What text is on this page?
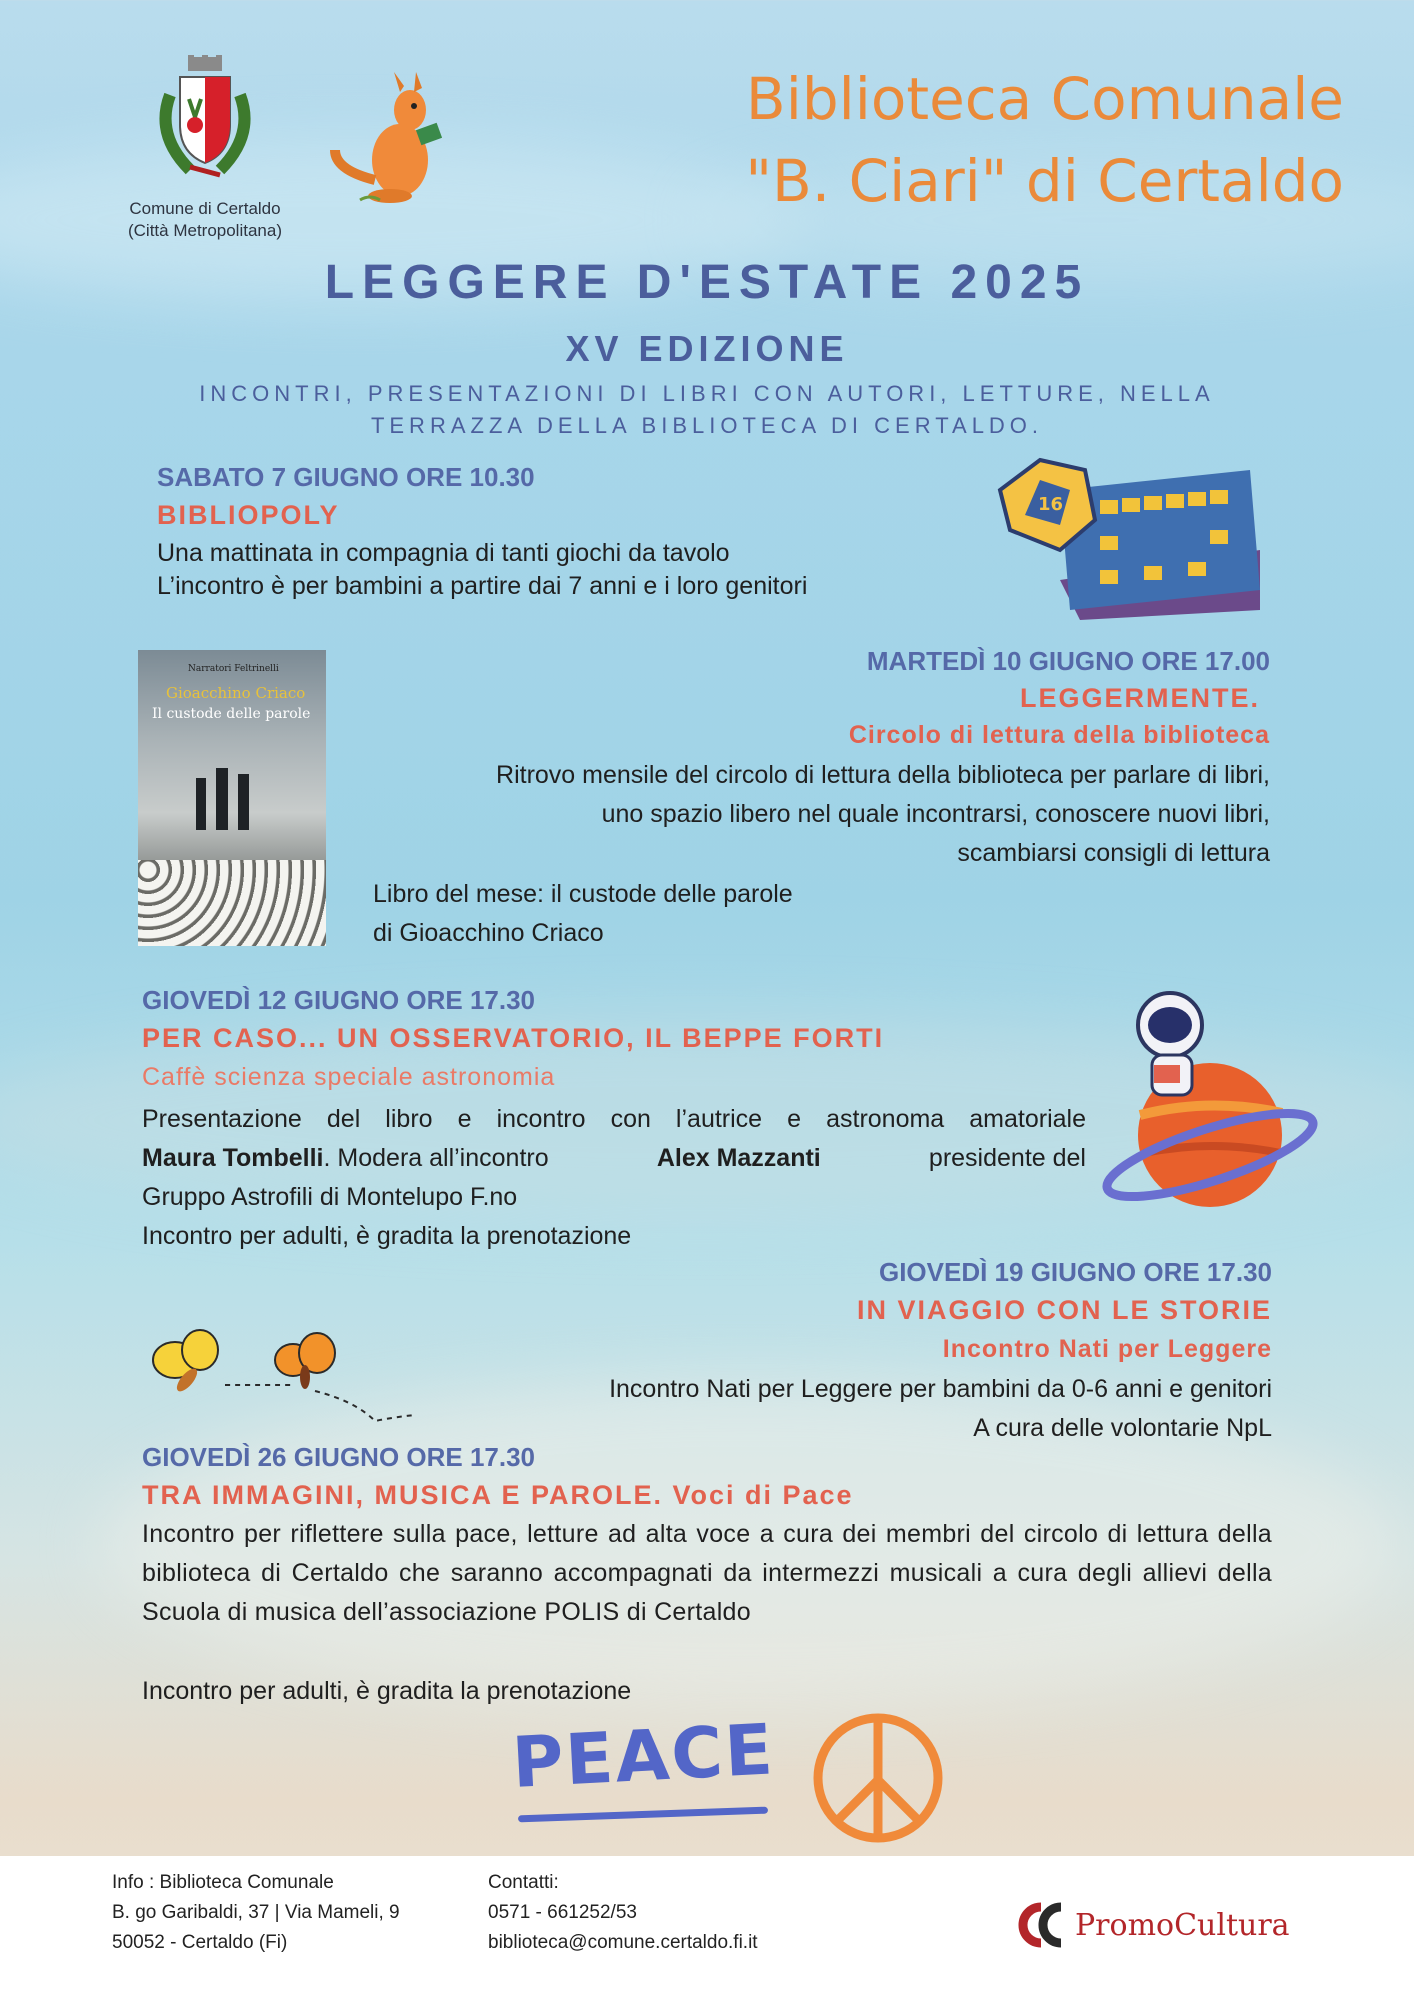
Comune di Certaldo
(Città Metropolitana)
Biblioteca Comunale
"B. Ciari" di Certaldo
LEGGERE D'ESTATE 2025
XV EDIZIONE
INCONTRI, PRESENTAZIONI DI LIBRI CON AUTORI, LETTURE, NELLA
TERRAZZA DELLA BIBLIOTECA DI CERTALDO.
SABATO 7 GIUGNO ORE 10.30
BIBLIOPOLY
Una mattinata in compagnia di tanti giochi da tavolo
L’incontro è per bambini a partire dai 7 anni e i loro genitori
16
Narratori Feltrinelli
Gioacchino Criaco
Il custode delle parole
MARTEDÌ 10 GIUGNO ORE 17.00
LEGGERMENTE.
Circolo di lettura della biblioteca
Ritrovo mensile del circolo di lettura della biblioteca per parlare di libri,
uno spazio libero nel quale incontrarsi, conoscere nuovi libri,
scambiarsi consigli di lettura
Libro del mese: il custode delle parole
di Gioacchino Criaco
GIOVEDÌ 12 GIUGNO ORE 17.30
PER CASO... UN OSSERVATORIO, IL BEPPE FORTI
Caffè scienza speciale astronomia
Presentazione del libro e incontro con l’autrice e astronoma amatoriale
Maura Tombelli. Modera all’incontro	Alex Mazzanti	presidente del
Gruppo Astrofili di Montelupo F.no
Incontro per adulti, è gradita la prenotazione
GIOVEDÌ 19 GIUGNO ORE 17.30
IN VIAGGIO CON LE STORIE
Incontro Nati per Leggere
Incontro Nati per Leggere per bambini da 0-6 anni e genitori
A cura delle volontarie NpL
GIOVEDÌ 26 GIUGNO ORE 17.30
TRA IMMAGINI, MUSICA E PAROLE. Voci di Pace
Incontro per riflettere sulla pace, letture ad alta voce a cura dei membri del circolo di lettura della biblioteca di Certaldo che saranno accompagnati da intermezzi musicali a cura degli allievi della Scuola di musica dell’associazione POLIS di Certaldo
Incontro per adulti, è gradita la prenotazione
PEACE
Info : Biblioteca Comunale
B. go Garibaldi, 37 | Via Mameli, 9
50052 - Certaldo (Fi)
Contatti:
0571 - 661252/53
biblioteca@comune.certaldo.fi.it	PromoCultura
